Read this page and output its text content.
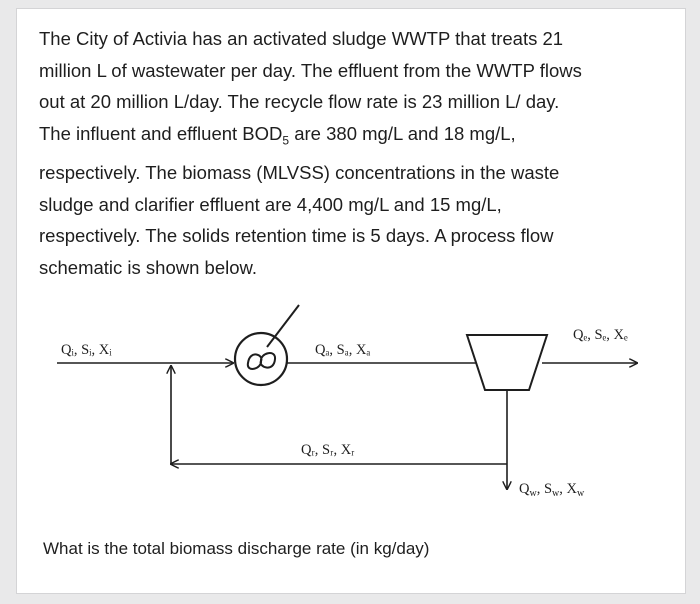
The City of Activia has an activated sludge WWTP that treats 21
million L of wastewater per day. The effluent from the WWTP flows
out at 20 million L/day. The recycle flow rate is 23 million L/ day.
The influent and effluent $BOD_5$ are 380 mg/L and 18 mg/L,
respectively. The biomass (MLVSS) concentrations in the waste
sludge and clarifier effluent are 4,400 mg/L and 15 mg/L,
respectively. The solids retention time is 5 days. A process flow
schematic is shown below.
Qᵢ, Sᵢ, Xᵢ	Qₐ, Sₐ, Xₐ
Qₑ, Sₑ, Xₑ
Qᵣ, Sᵣ, Xᵣ
$Q_w$, $S_w$, $X_w$

What is the total biomass discharge rate (in kg/day)
